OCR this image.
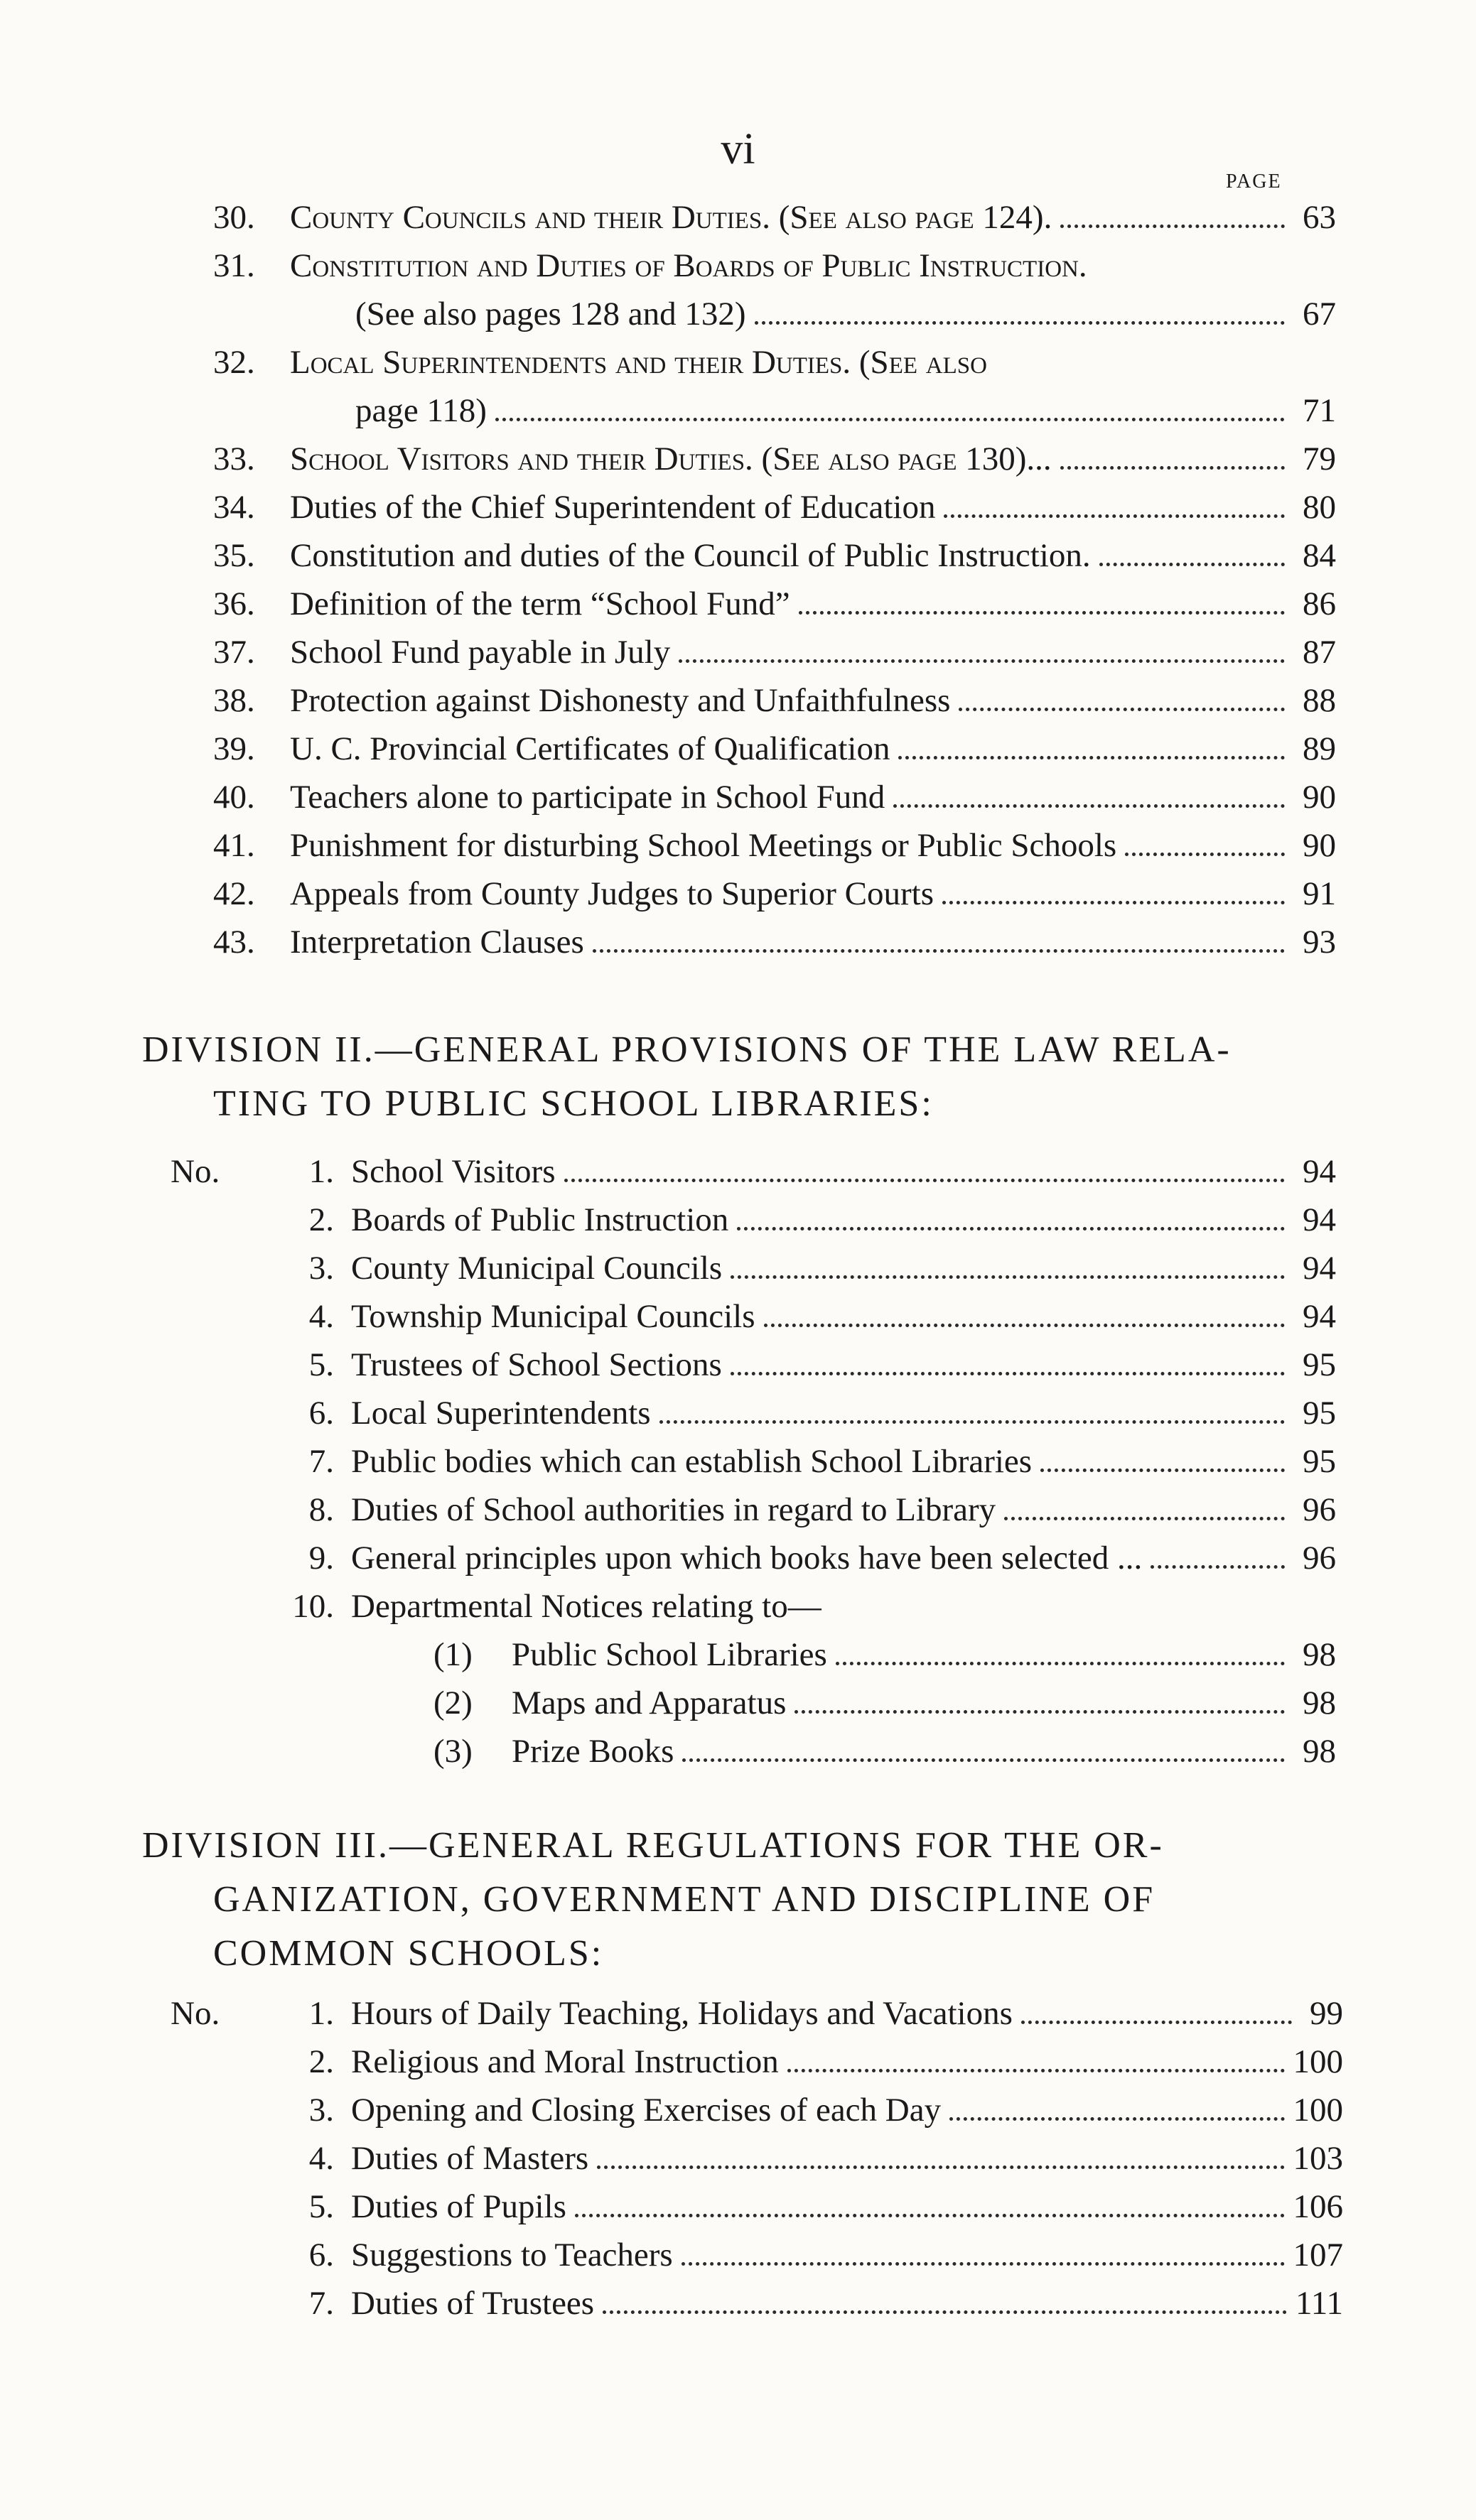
vi
PAGE
30.	County Councils and their Duties. (See also page 124).	63
31.	Constitution and Duties of Boards of Public Instruction.
(See also pages 128 and 132)	67
32.	Local Superintendents and their Duties. (See also
page 118)	71
33.	School Visitors and their Duties. (See also page 130)...	79
34.	Duties of the Chief Superintendent of Education	80
35.	Constitution and duties of the Council of Public Instruction.	84
36.	Definition of the term “School Fund”	86
37.	School Fund payable in July	87
38.	Protection against Dishonesty and Unfaithfulness	88
39.	U. C. Provincial Certificates of Qualification	89
40.	Teachers alone to participate in School Fund	90
41.	Punishment for disturbing School Meetings or Public Schools	90
42.	Appeals from County Judges to Superior Courts	91
43.	Interpretation Clauses	93
DIVISION II.—GENERAL PROVISIONS OF THE LAW RELA-
TING TO PUBLIC SCHOOL LIBRARIES:
No.	1. School Visitors	94
2. Boards of Public Instruction	94
3. County Municipal Councils	94
4. Township Municipal Councils	94
5. Trustees of School Sections	95
6. Local Superintendents	95
7. Public bodies which can establish School Libraries	95
8. Duties of School authorities in regard to Library	96
9. General principles upon which books have been selected ...	96
10. Departmental Notices relating to—
(1)	Public School Libraries	98
(2)	Maps and Apparatus	98
(3)	Prize Books	98
DIVISION III.—GENERAL REGULATIONS FOR THE OR-
GANIZATION, GOVERNMENT AND DISCIPLINE OF
COMMON SCHOOLS:
No.	1. Hours of Daily Teaching, Holidays and Vacations	99
2. Religious and Moral Instruction	100
3. Opening and Closing Exercises of each Day	100
4. Duties of Masters	103
5. Duties of Pupils	106
6. Suggestions to Teachers	107
7. Duties of Trustees	111
